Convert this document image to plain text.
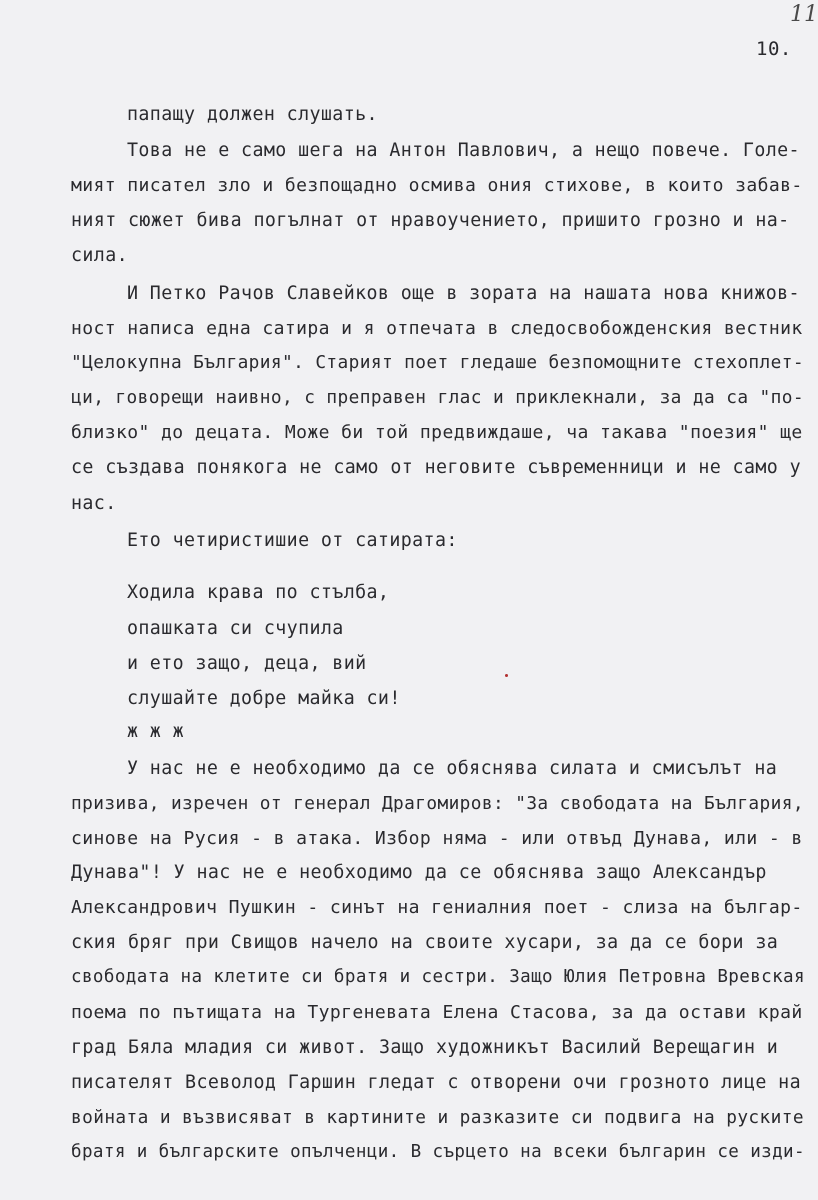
11
10.
папащу должен слушать.
Това не е само шега на Антон Павлович, а нещо повече. Голе-
мият писател зло и безпощадно осмива ония стихове, в които забав-
ният сюжет бива погълнат от нравоучението, пришито грозно и на-
сила.
И Петко Рачов Славейков още в зората на нашата нова книжов-
ност написа една сатира и я отпечата в следосвобожденския вестник
"Целокупна България". Старият поет гледаше безпомощните стехоплет-
ци, говорещи наивно, с преправен глас и приклекнали, за да са "по-
близко" до децата. Може би той предвиждаше, ча такава "поезия" ще
се създава понякога не само от неговите съвременници и не само у
нас.
Ето четиристишие от сатирата:
Ходила крава по стълба,
опашката си счупила
и ето защо, деца, вий
слушайте добре майка си!
ж ж ж
У нас не е необходимо да се обяснява силата и смисълът на
призива, изречен от генерал Драгомиров: "За свободата на България,
синове на Русия - в атака. Избор няма - или отвъд Дунава, или - в
Дунава"! У нас не е необходимо да се обяснява защо Александър
Александрович Пушкин - синът на гениалния поет - слиза на българ-
ския бряг при Свищов начело на своите хусари, за да се бори за
свободата на клетите си братя и сестри. Защо Юлия Петровна Вревская
поема по пътищата на Тургеневата Елена Стасова, за да остави край
град Бяла младия си живот. Защо художникът Василий Верещагин и
писателят Всеволод Гаршин гледат с отворени очи грозното лице на
войната и възвисяват в картините и разказите си подвига на руските
братя и българските опълченци. В сърцето на всеки българин се изди-
